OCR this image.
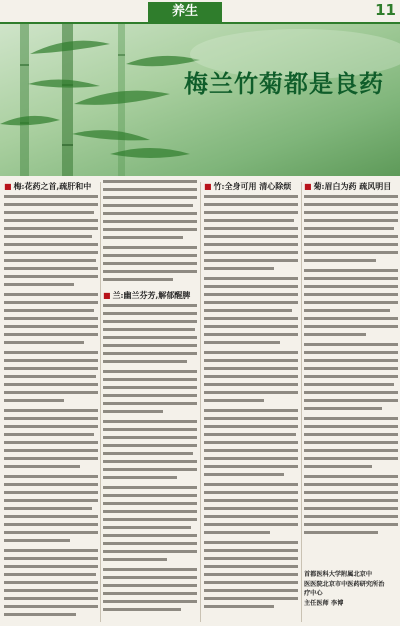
养生	11
梅兰竹菊都是良药
■ 梅:花药之首,疏肝和中
■ 兰:幽兰芬芳,解郁醒脾
■ 竹:全身可用 清心除烦	■ 菊:眉白为药 疏风明目
首都医科大学附属北京中
医医院北京市中医药研究所治
疗中心
主任医师 李博
